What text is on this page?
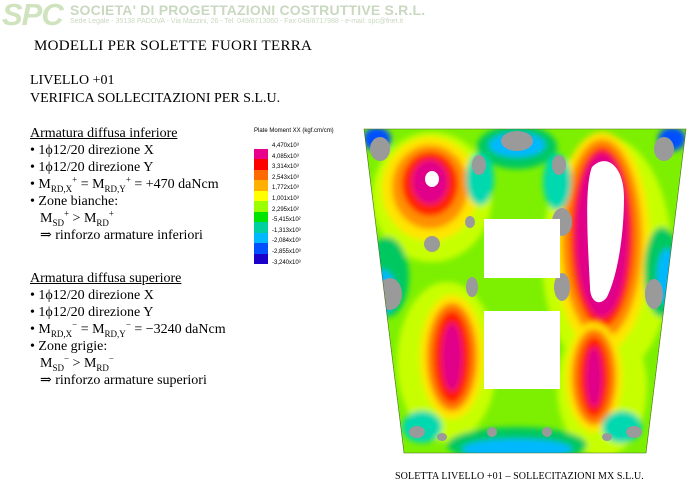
SPC SOCIETA' DI PROGETTAZIONI COSTRUTTIVE S.R.L.
Sede Legale - 35138 PADOVA - Via Mazzini, 26 - Tel. 049/8713060 - Fax 049/8717988 - e-mail: spc@fnet.it
MODELLI PER SOLETTE FUORI TERRA
LIVELLO +01
VERIFICA SOLLECITAZIONI PER S.L.U.
Armatura diffusa inferiore
• 1ϕ12/20 direzione X
• 1ϕ12/20 direzione Y
• $M_{RD,X}^+ = M_{RD,Y}^+ = +470$ daNcm
• Zone bianche:
$M_{SD}^+ > M_{RD}^+$
⇒ rinforzo armature inferiori
Armatura diffusa superiore
• 1ϕ12/20 direzione X
• 1ϕ12/20 direzione Y
• $M_{RD,X}^- = M_{RD,Y}^- = -3240$ daNcm
• Zone grigie:
$M_{SD}^- > M_{RD}^-$
⇒ rinforzo armature superiori
Plate Moment XX (kgf.cm/cm)
4,470x10³
4,085x10³
3,314x10³
2,543x10³
1,772x10³
1,001x10³
2,295x10²
-5,415x10²
-1,313x10³
-2,084x10³
-2,855x10³
-3,240x10³
SOLETTA LIVELLO +01 – SOLLECITAZIONI MX S.L.U.
